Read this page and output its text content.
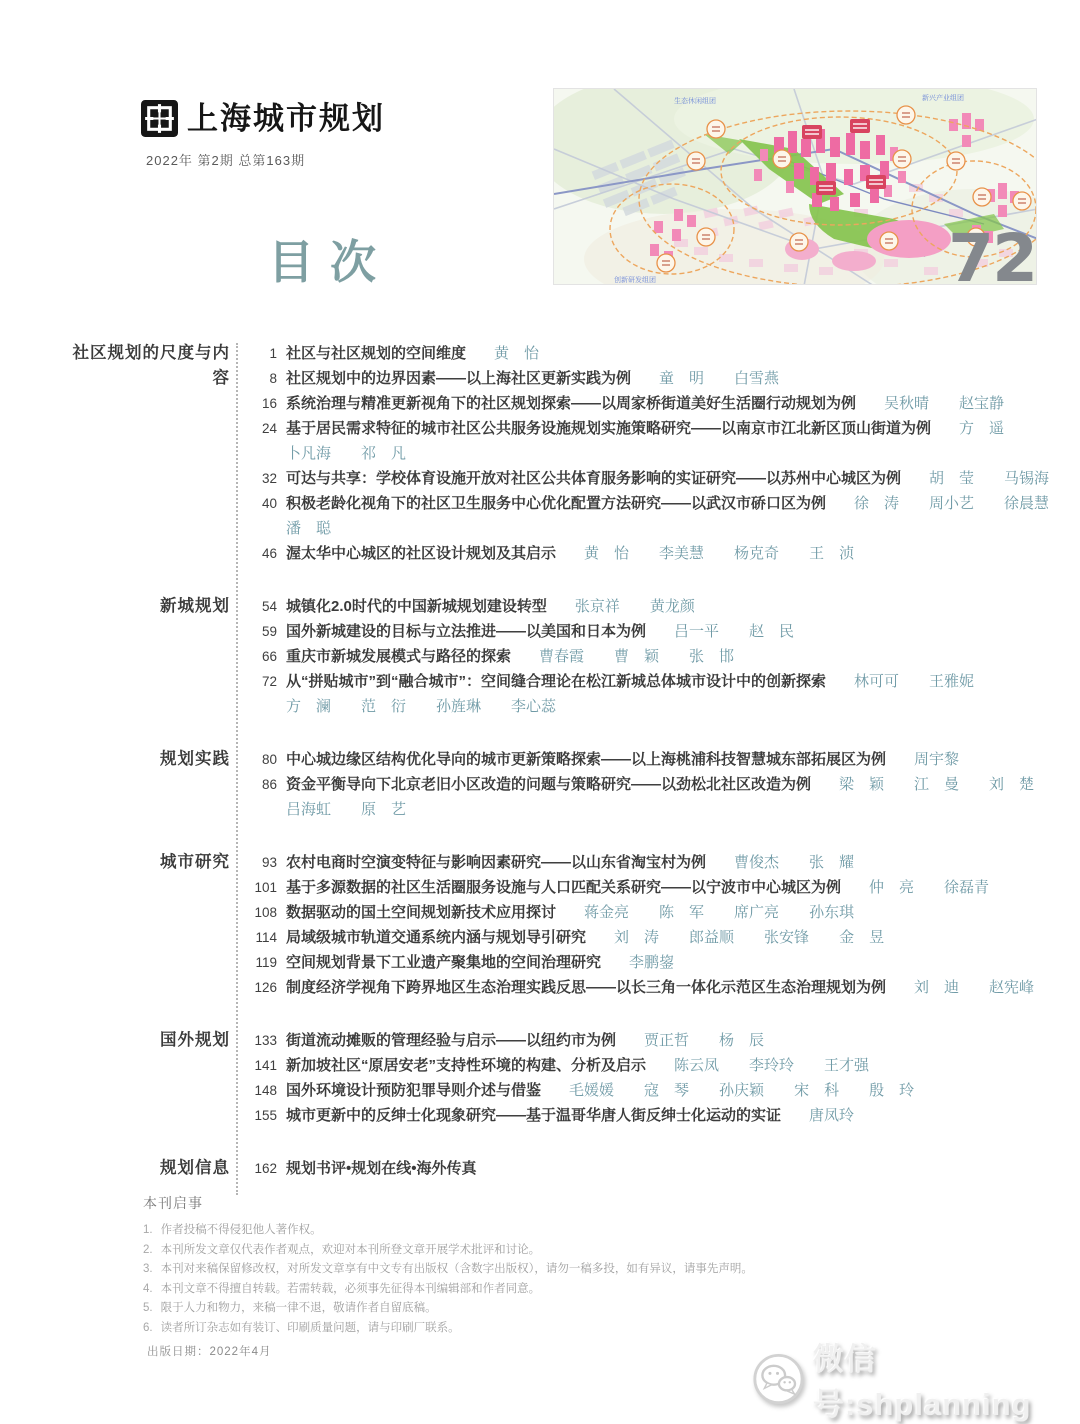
上海城市规划
2022年 第2期 总第163期
目次
生态休闲组团	新兴产业组团
创新研发组团	72
社区规划的尺度与内容
1 社区与社区规划的空间维度 黄　怡
8 社区规划中的边界因素——以上海社区更新实践为例 童　明 白雪燕
16 系统治理与精准更新视角下的社区规划探索——以周家桥街道美好生活圈行动规划为例 吴秋晴 赵宝静
24 基于居民需求特征的城市社区公共服务设施规划实施策略研究——以南京市江北新区顶山街道为例 方　遥
卜凡海 祁　凡
32 可达与共享：学校体育设施开放对社区公共体育服务影响的实证研究——以苏州中心城区为例 胡　莹 马锡海
40 积极老龄化视角下的社区卫生服务中心优化配置方法研究——以武汉市硚口区为例 徐　涛 周小艺 徐晨慧
潘　聪
46 渥太华中心城区的社区设计规划及其启示 黄　怡 李美慧 杨克奇 王　浈
新城规划	54 城镇化2.0时代的中国新城规划建设转型 张京祥 黄龙颜
59 国外新城建设的目标与立法推进——以美国和日本为例 吕一平 赵　民
66 重庆市新城发展模式与路径的探索 曹春霞 曹　颖 张　邯
72 从“拼贴城市”到“融合城市”：空间缝合理论在松江新城总体城市设计中的创新探索 林可可 王雅妮
方　澜 范　衍 孙旌琳 李心蕊
规划实践	80 中心城边缘区结构优化导向的城市更新策略探索——以上海桃浦科技智慧城东部拓展区为例 周宇黎
86 资金平衡导向下北京老旧小区改造的问题与策略研究——以劲松北社区改造为例 梁　颖 江　曼 刘　楚
吕海虹 原　艺
城市研究	93 农村电商时空演变特征与影响因素研究——以山东省淘宝村为例 曹俊杰 张　耀
101 基于多源数据的社区生活圈服务设施与人口匹配关系研究——以宁波市中心城区为例 仲　亮 徐磊青
108 数据驱动的国土空间规划新技术应用探讨 蒋金亮 陈　军 席广亮 孙东琪
114 局域级城市轨道交通系统内涵与规划导引研究 刘　涛 郎益顺 张安锋 金　昱
119 空间规划背景下工业遗产聚集地的空间治理研究 李鹏鋆
126 制度经济学视角下跨界地区生态治理实践反思——以长三角一体化示范区生态治理规划为例 刘　迪 赵宪峰
国外规划 133 街道流动摊贩的管理经验与启示——以纽约市为例 贾正哲 杨　辰
141 新加坡社区“原居安老”支持性环境的构建、分析及启示 陈云凤 李玲玲 王才强
148 国外环境设计预防犯罪导则介述与借鉴 毛媛媛 寇　琴 孙庆颖 宋　科 殷　玲
155 城市更新中的反绅士化现象研究——基于温哥华唐人街反绅士化运动的实证 唐凤玲
规划信息 162 规划书评•规划在线•海外传真
本刊启事
1. 作者投稿不得侵犯他人著作权。
2. 本刊所发文章仅代表作者观点，欢迎对本刊所登文章开展学术批评和讨论。
3. 本刊对来稿保留修改权，对所发文章享有中文专有出版权（含数字出版权），请勿一稿多投，如有异议，请事先声明。
4. 本刊文章不得擅自转载。若需转载，必须事先征得本刊编辑部和作者同意。
5. 限于人力和物力，来稿一律不退，敬请作者自留底稿。
6. 读者所订杂志如有装订、印刷质量问题，请与印刷厂联系。
出版日期：2022年4月	微信号:shplanning
